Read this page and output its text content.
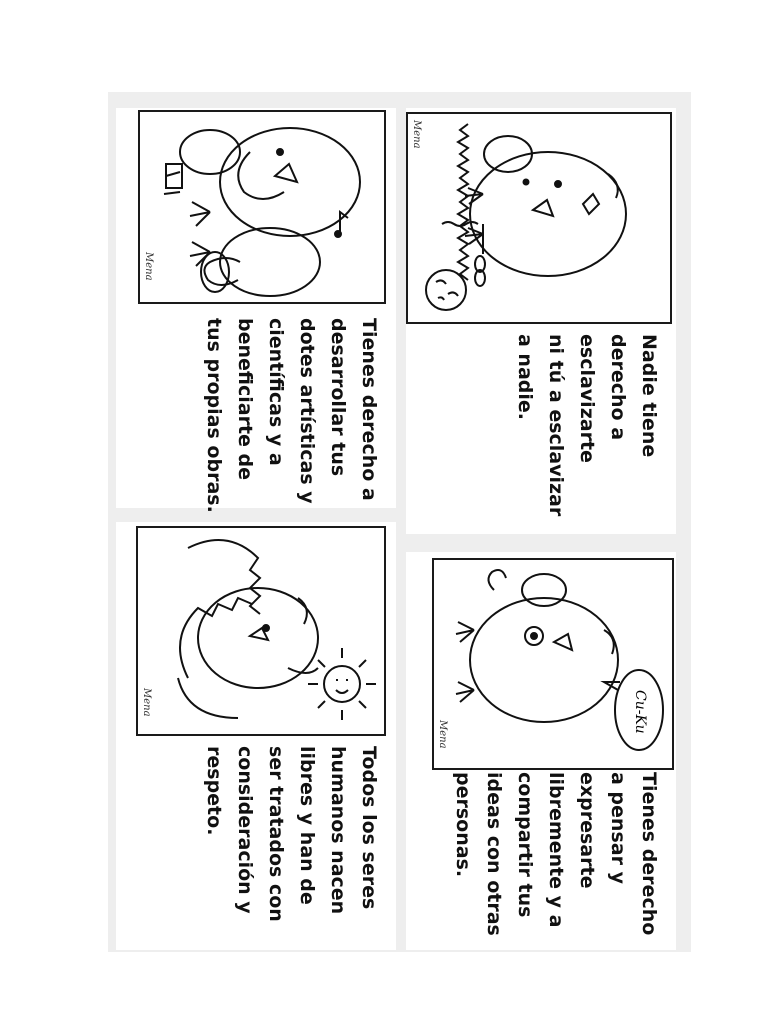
Mena
Nadie tiene
derecho a
esclavizarte
ni tú a esclavizar
a nadie.
Mena
Tienes derecho a
desarrollar tus
dotes artísticas y
científicas y a
beneficiarte de
tus propias obras.
Cu-Ku
Mena
Tienes derecho
a pensar y
expresarte
libremente y a
compartir tus
ideas con otras
personas.
Mena
Todos los seres
humanos nacen
libres y han de
ser tratados con
consideración y
respeto.
